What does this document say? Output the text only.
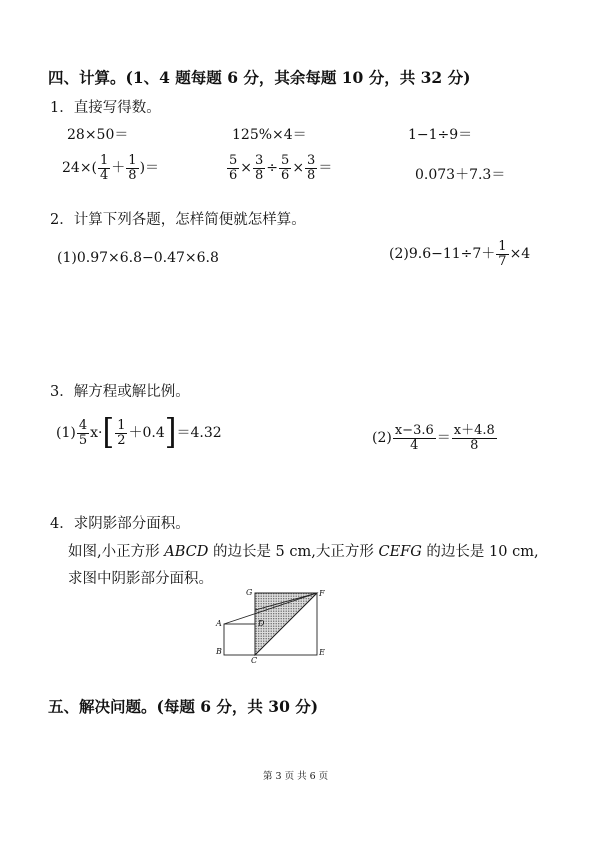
四、计算。(1、4 题每题 6 分，其余每题 10 分，共 32 分)
1．直接写得数。
28×50＝	125%×4＝	1−1÷9＝
$24\times( \frac{1}{4} + \frac{1}{8}$ )＝	$\frac{5}{6} \times \frac{3}{8} \div \frac{5}{6} \times \frac{3}{8}$ ＝	0.073＋7.3＝
2．计算下列各题，怎样简便就怎样算。
(1)0.97×6.8−0.47×6.8	$(2)9.6-11\div 7+ \frac{1}{7} \times 4$
3．解方程或解比例。
$(1) \frac{4}{5} x\cdot[ \frac{1}{2} +0.4]=4.32$	$(2) \frac{x-3.6}{4} = \frac{x+4.8}{8}$
4．求阴影部分面积。
如图,小正方形 ABCD 的边长是 5 cm,大正方形 CEFG 的边长是 10 cm,
求图中阴影部分面积。
G	F
A	D
B
C
E
五、解决问题。(每题 6 分，共 30 分)
第 3 页 共 6 页
